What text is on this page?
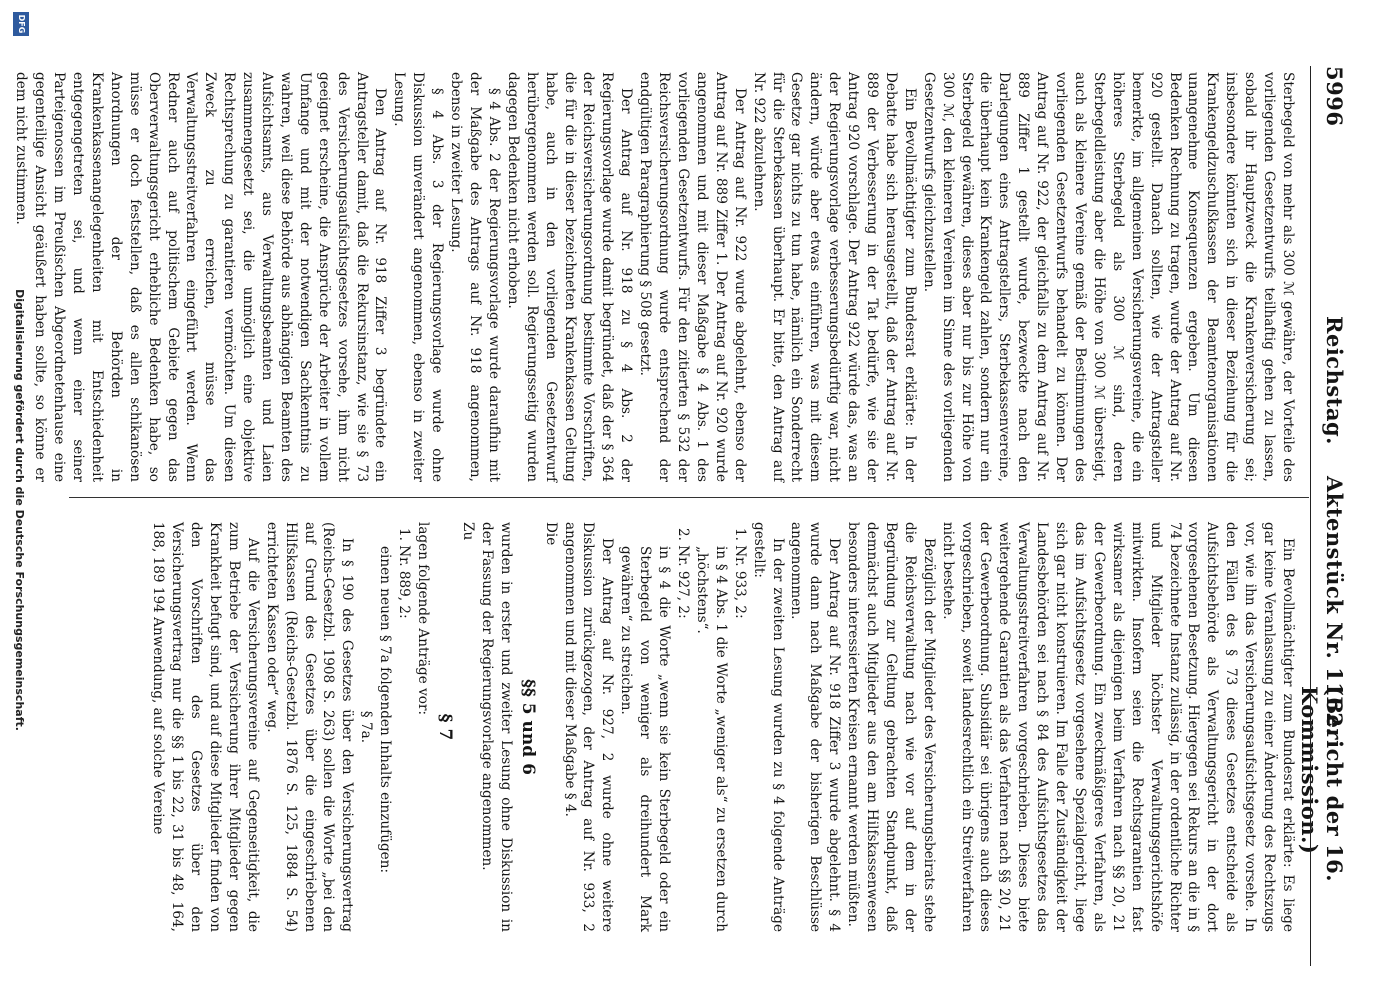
5996
Reichstag.
Aktenstück Nr. 1162.
(Bericht der 16. Kommission.)

Sterbegeld von mehr als 300 ℳ gewähre, der Vorteile des vorliegenden Gesetzentwurfs teilhaftig gehen zu lassen, sobald ihr Hauptzweck die Krankenversicherung sei; insbesondere könnten sich in dieser Beziehung für die Krankengeldzuschußkassen der Beamtenorganisationen unangenehme Konsequenzen ergeben. Um diesen Bedenken Rechnung zu tragen, wurde der Antrag auf Nr. 920 gestellt. Danach sollten, wie der Antragsteller bemerkte, im allgemeinen Versicherungsvereine, die ein höheres Sterbegeld als 300 ℳ sind, deren Sterbegeldleistung aber die Höhe von 300 ℳ übersteigt, auch als kleinere Vereine gemäß der Bestimmungen des vorliegenden Gesetzentwurfs behandelt zu können. Der Antrag auf Nr. 922, der gleichfalls zu dem Antrag auf Nr. 889 Ziffer 1 gestellt wurde, bezweckte nach den Darlegungen eines Antragstellers, Sterbekassenvereine, die überhaupt kein Krankengeld zahlen, sondern nur ein Sterbegeld gewähren, dieses aber nur bis zur Höhe von 300 ℳ, den kleineren Vereinen im Sinne des vorliegenden Gesetzentwurfs gleichzustellen.

Ein Bevollmächtigter zum Bundesrat erklärte: In der Debatte habe sich herausgestellt, daß der Antrag auf Nr. 889 der Verbesserung in der Tat bedürfe, wie sie der Antrag 920 vorschlage. Der Antrag 922 würde das, was an der Regierungsvorlage verbesserungsbedürftig war, nicht ändern, würde aber etwas einführen, was mit diesem Gesetze gar nichts zu tun habe, nämlich ein Sonderrecht für die Sterbekassen überhaupt. Er bitte, den Antrag auf Nr. 922 abzulehnen.

Der Antrag auf Nr. 922 wurde abgelehnt, ebenso der Antrag auf Nr. 889 Ziffer 1. Der Antrag auf Nr. 920 wurde angenommen und mit dieser Maßgabe § 4 Abs. 1 des vorliegenden Gesetzentwurfs. Für den zitierten § 532 der Reichsversicherungsordnung wurde entsprechend der endgültigen Paragraphierung § 508 gesetzt.

Der Antrag auf Nr. 918 zu § 4 Abs. 2 der Regierungsvorlage wurde damit begründet, daß der § 364 der Reichsversicherungsordnung bestimmte Vorschriften, die für die in dieser bezeichneten Krankenkassen Geltung habe, auch in den vorliegenden Gesetzentwurf herübergenommen werden soll. Regierungsseitig wurden dagegen Bedenken nicht erhoben.

§ 4 Abs. 2 der Regierungsvorlage wurde daraufhin mit der Maßgabe des Antrags auf Nr. 918 angenommen, ebenso in zweiter Lesung.

§ 4 Abs. 3 der Regierungsvorlage wurde ohne Diskussion unverändert angenommen, ebenso in zweiter Lesung.

Den Antrag auf Nr. 918 Ziffer 3 begründete ein Antragsteller damit, daß die Rekursinstanz, wie sie § 73 des Versicherungsaufsichtsgesetzes vorsehe, ihm nicht geeignet erscheine, die Ansprüche der Arbeiter in vollem Umfange und mit der notwendigen Sachkenntnis zu wahren, weil diese Behörde aus abhängigen Beamten des Aufsichtsamts, aus Verwaltungsbeamten und Laien zusammengesetzt sei, die unmöglich eine objektive Rechtsprechung zu garantieren vermöchten. Um diesen Zweck zu erreichen, müsse das Verwaltungsstreitverfahren eingeführt werden. Wenn Redner auch auf politischem Gebiete gegen das Oberverwaltungsgericht erhebliche Bedenken habe, so müsse er doch feststellen, daß es allen schikanösen Anordnungen der Behörden in Krankenkassenangelegenheiten mit Entschiedenheit entgegengetreten sei, und wenn einer seiner Parteigenossen im Preußischen Abgeordnetenhause eine gegenteilige Ansicht geäußert haben sollte, so könne er dem nicht zustimmen.

Ein Bevollmächtigter zum Bundesrat erklärte: Es liege gar keine Veranlassung zu einer Änderung des Rechtszugs vor, wie ihn das Versicherungsaufsichtsgesetz vorsehe. In den Fällen des § 73 dieses Gesetzes entscheide als Aufsichtsbehörde als Verwaltungsgericht in der dort vorgesehenen Besetzung. Hiergegen sei Rekurs an die in § 74 bezeichnete Instanz zulässig, in der ordentliche Richter und Mitglieder höchster Verwaltungsgerichtshöfe mitwirkten. Insofern seien die Rechtsgarantien fast wirksamer als diejenigen beim Verfahren nach §§ 20, 21 der Gewerbeordnung. Ein zweckmäßigeres Verfahren, als das im Aufsichtsgesetz vorgesehene Spezialgericht, liege sich gar nicht konstruieren. Im Falle der Zuständigkeit der Landesbehörden sei nach § 84 des Aufsichtsgesetzes das Verwaltungsstreitverfahren vorgeschrieben. Dieses biete weitergehende Garantien als das Verfahren nach §§ 20, 21 der Gewerbeordnung. Subsidiär sei übrigens auch dieses vorgeschrieben, soweit landesrechtlich ein Streitverfahren nicht bestehe.

Bezüglich der Mitglieder des Versicherungsbeirats stehe die Reichsverwaltung nach wie vor auf dem in der Begründung zur Geltung gebrachten Standpunkt, daß demnächst auch Mitglieder aus den am Hilfskassenwesen besonders interessierten Kreisen ernannt werden müßten.

Der Antrag auf Nr. 918 Ziffer 3 wurde abgelehnt. § 4 wurde dann nach Maßgabe der bisherigen Beschlüsse angenommen.

In der zweiten Lesung wurden zu § 4 folgende Anträge gestellt:

1. Nr. 933, 2:

in § 4 Abs. 1 die Worte „weniger als“ zu ersetzen durch „höchstens“.

2. Nr. 927, 2:

in § 4 die Worte „wenn sie kein Sterbegeld oder ein Sterbegeld von weniger als dreihundert Mark gewähren“ zu streichen.

Der Antrag auf Nr. 927, 2 wurde ohne weitere Diskussion zurückgezogen, der Antrag auf Nr. 933, 2 angenommen und mit dieser Maßgabe § 4.

Die

§§ 5 und 6

wurden in erster und zweiter Lesung ohne Diskussion in der Fassung der Regierungsvorlage angenommen.

Zu

§ 7

lagen folgende Anträge vor:

1. Nr. 889, 2:

einen neuen § 7a folgenden Inhalts einzufügen:

§ 7a.

In § 190 des Gesetzes über den Versicherungsvertrag (Reichs-Gesetzbl. 1908 S. 263) sollen die Worte „bei den auf Grund des Gesetzes über die eingeschriebenen Hilfskassen (Reichs-Gesetzbl. 1876 S. 125, 1884 S. 54) errichteten Kassen oder“ weg.

Auf die Versicherungsvereine auf Gegenseitigkeit, die zum Betriebe der Versicherung ihrer Mitglieder gegen Krankheit befugt sind, und auf diese Mitglieder finden von den Vorschriften des Gesetzes über den Versicherungsvertrag nur die §§ 1 bis 22, 31 bis 48, 164, 188, 189 194 Anwendung, auf solche Vereine

DFG
Digitalisierung gefördert durch die Deutsche Forschungsgemeinschaft.
